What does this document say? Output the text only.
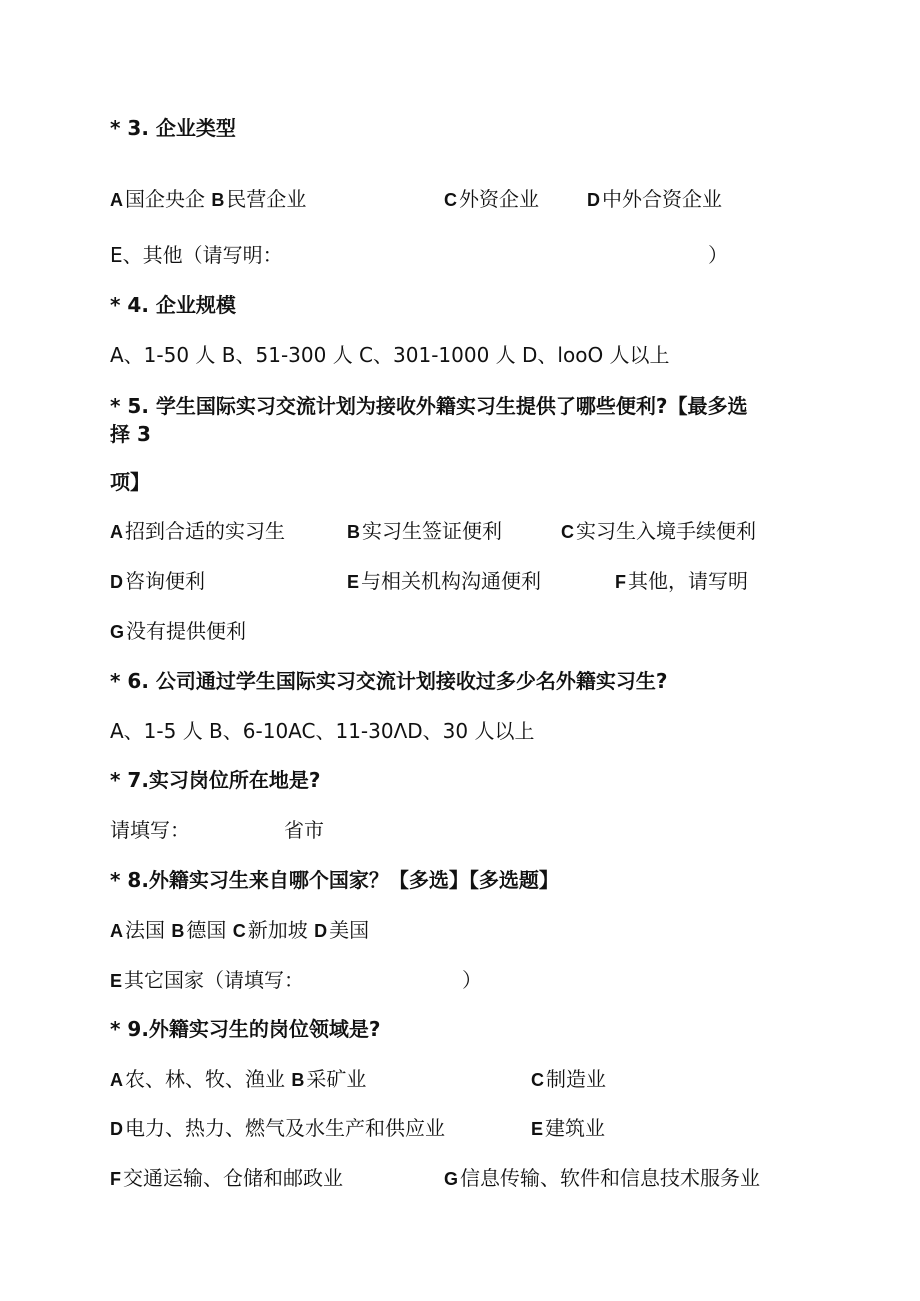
* 3. 企业类型
A 国企央企 B 民营企业	C 外资企业	D 中外合资企业
E、其他（请写明：	）
* 4. 企业规模
A、1-50 人 B、51-300 人 C、301-1000 人 D、looO 人以上
* 5. 学生国际实习交流计划为接收外籍实习生提供了哪些便利?【最多选
择 3
项】
A 招到合适的实习生	B 实习生签证便利	C 实习生入境手续便利
D 咨询便利	E 与相关机构沟通便利	F 其他，请写明
G 没有提供便利
* 6. 公司通过学生国际实习交流计划接收过多少名外籍实习生?
A、1-5 人 B、6-10AC、11-30ΛD、30 人以上
* 7.实习岗位所在地是?
请填写：	省市
* 8.外籍实习生来自哪个国家？【多选】【多选题】
A 法国 B 德国 C 新加坡 D 美国
E 其它国家（请填写：	）
* 9.外籍实习生的岗位领域是?
A 农、林、牧、渔业 B 采矿业	C 制造业
D 电力、热力、燃气及水生产和供应业	E 建筑业
F 交通运输、仓储和邮政业	G 信息传输、软件和信息技术服务业
